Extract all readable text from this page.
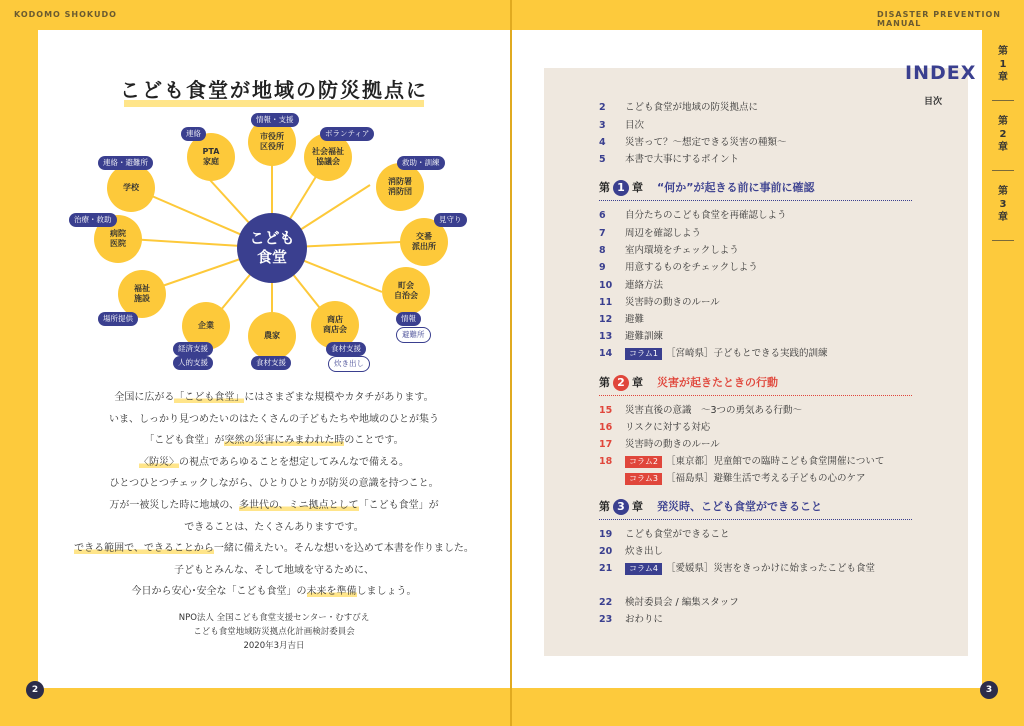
KODOMO SHOKUDO	DISASTER PREVENTION MANUAL
こども食堂が地域の防災拠点に
こども
食堂
市役所
区役所
社会福祉
協議会
消防署
消防団
交番
派出所
町会
自治会
商店
商店会
農家
企業
福祉
施設
病院
医院
学校
PTA
家庭
情報・支援
ボランティア
救助・訓練
見守り
情報
避難所
食材支援
炊き出し
食材支援
経済支援
人的支援
場所提供
治療・救助
連絡・避難所
連絡
全国に広がる「こども食堂」にはさまざまな規模やカタチがあります。
いま、しっかり見つめたいのはたくさんの子どもたちや地域のひとが集う
「こども食堂」が突然の災害にみまわれた時のことです。
〈防災〉の視点であらゆることを想定してみんなで備える。
ひとつひとつチェックしながら、ひとりひとりが防災の意識を持つこと。
万が一被災した時に地域の、多世代の、ミニ拠点として「こども食堂」が
できることは、たくさんありますです。
できる範囲で、できることから一緒に備えたい。そんな想いを込めて本書を作りました。
子どもとみんな、そして地域を守るために、
今日から安心･安全な「こども食堂」の未来を準備しましょう。
NPO法人 全国こども食堂支援センター・むすびえ
こども食堂地域防災拠点化計画検討委員会
2020年3月吉日
2
INDEX
目次
2 こども食堂が地域の防災拠点に
3 目次
4 災害って？〜想定できる災害の種類〜
5 本書で大事にするポイント
第 1 章 “何か”が起きる前に事前に確認
6 自分たちのこども食堂を再確認しよう
7 周辺を確認しよう
8 室内環境をチェックしよう
9 用意するものをチェックしよう
10 連絡方法
11 災害時の動きのルール
12 避難
13 避難訓練
14 コラム1 ［宮崎県］子どもとできる実践的訓練
第 2 章 災害が起きたときの行動
15 災害直後の意識　〜3つの勇気ある行動〜
16 リスクに対する対応
17 災害時の動きのルール
18 コラム2 ［東京都］児童館での臨時こども食堂開催について
コラム3 ［福島県］避難生活で考える子どもの心のケア
第 3 章 発災時、こども食堂ができること
19 こども食堂ができること
20 炊き出し
21 コラム4 ［愛媛県］災害をきっかけに始まったこども食堂
22 検討委員会 / 編集スタッフ
23 おわりに
第
1
章
第
2
章
第
3
章
3
